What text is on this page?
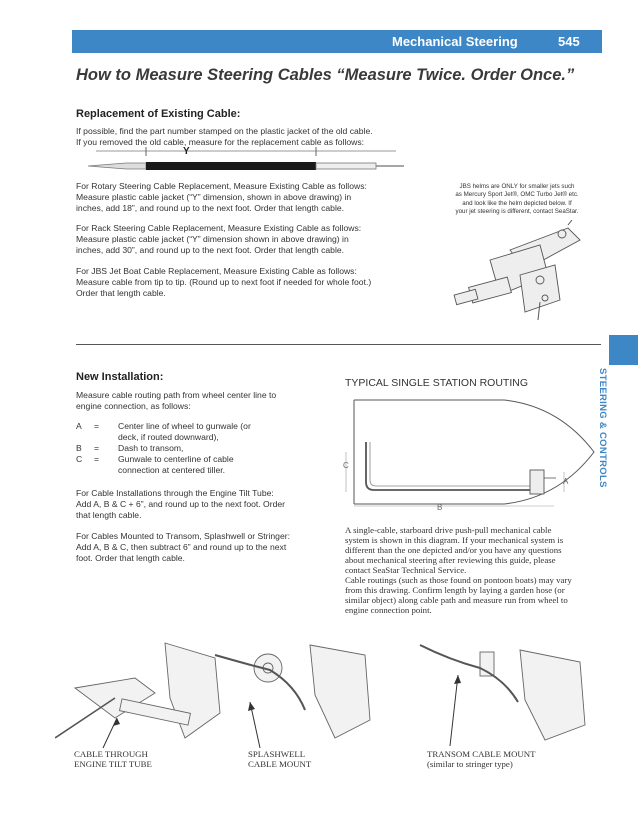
Mechanical Steering	545
How to Measure Steering Cables “Measure Twice. Order Once.”
Replacement of Existing Cable:
If possible, find the part number stamped on the plastic jacket of the old cable.
If you removed the old cable, measure for the replacement cable as follows:
Y
For Rotary Steering Cable Replacement, Measure Existing Cable as follows:
Measure plastic cable jacket (“Y” dimension, shown in above drawing) in
inches, add 18”, and round up to the next foot. Order that length cable.
For Rack Steering Cable Replacement, Measure Existing Cable as follows:
Measure plastic cable jacket (“Y” dimension shown in above drawing) in
inches, add 30”, and round up to the next foot. Order that length cable.
For JBS Jet Boat Cable Replacement, Measure Existing Cable as follows:
Measure cable from tip to tip. (Round up to next foot if needed for whole foot.)
Order that length cable.
JBS helms are ONLY for smaller jets such
as Mercury Sport Jet®, OMC Turbo Jet® etc.
and look like the helm depicted below. If
your jet steering is different, contact SeaStar.
STEERING & CONTROLS
New Installation:
Measure cable routing path from wheel center line to
engine connection, as follows:
A = Center line of wheel to gunwale (or
deck, if routed downward),
B = Dash to transom,
C = Gunwale to centerline of cable
connection at centered tiller.
For Cable Installations through the Engine Tilt Tube:
Add A, B & C + 6”, and round up to the next foot. Order
that length cable.
For Cables Mounted to Transom, Splashwell or Stringer:
Add A, B & C, then subtract 6” and round up to the next
foot. Order that length cable.
TYPICAL SINGLE STATION ROUTING
C
B
A
A single-cable, starboard drive push-pull mechanical cable
system is shown in this diagram. If your mechanical system is
different than the one depicted and/or you have any questions
about mechanical steering after reviewing this guide, please
contact SeaStar Technical Service.
Cable routings (such as those found on pontoon boats) may vary
from this drawing. Confirm length by laying a garden hose (or
similar object) along cable path and measure run from wheel to
engine connection point.
CABLE THROUGH
ENGINE TILT TUBE
SPLASHWELL
CABLE MOUNT
TRANSOM CABLE MOUNT
(similar to stringer type)
